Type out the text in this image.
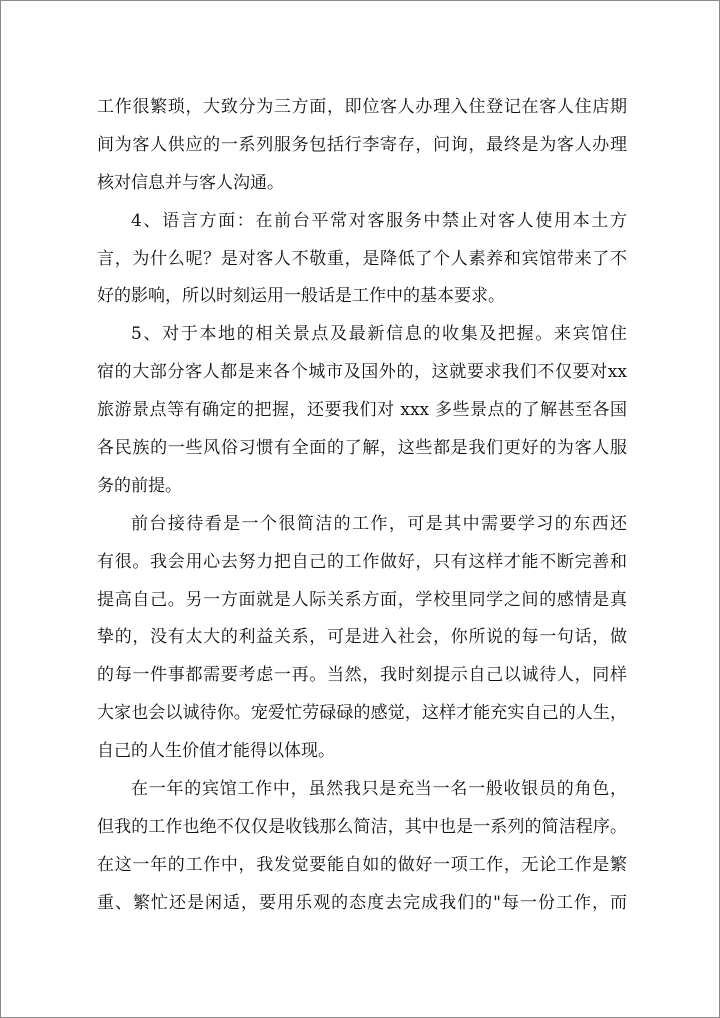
工作很繁琐，大致分为三方面，即位客人办理入住登记在客人住店期
间为客人供应的一系列服务包括行李寄存，问询，最终是为客人办理
核对信息并与客人沟通。
4、语言方面：在前台平常对客服务中禁止对客人使用本土方
言，为什么呢？是对客人不敬重，是降低了个人素养和宾馆带来了不
好的影响，所以时刻运用一般话是工作中的基本要求。
5、对于本地的相关景点及最新信息的收集及把握。来宾馆住
宿的大部分客人都是来各个城市及国外的，这就要求我们不仅要对xx
旅游景点等有确定的把握，还要我们对 xxx 多些景点的了解甚至各国
各民族的一些风俗习惯有全面的了解，这些都是我们更好的为客人服
务的前提。
前台接待看是一个很简洁的工作，可是其中需要学习的东西还
有很。我会用心去努力把自己的工作做好，只有这样才能不断完善和
提高自己。另一方面就是人际关系方面，学校里同学之间的感情是真
挚的，没有太大的利益关系，可是进入社会，你所说的每一句话，做
的每一件事都需要考虑一再。当然，我时刻提示自己以诚待人，同样
大家也会以诚待你。宠爱忙劳碌碌的感觉，这样才能充实自己的人生，
自己的人生价值才能得以体现。
在一年的宾馆工作中，虽然我只是充当一名一般收银员的角色，
但我的工作也绝不仅仅是收钱那么简洁，其中也是一系列的简洁程序。
在这一年的工作中，我发觉要能自如的做好一项工作，无论工作是繁
重、繁忙还是闲适，要用乐观的态度去完成我们的"每一份工作，而
